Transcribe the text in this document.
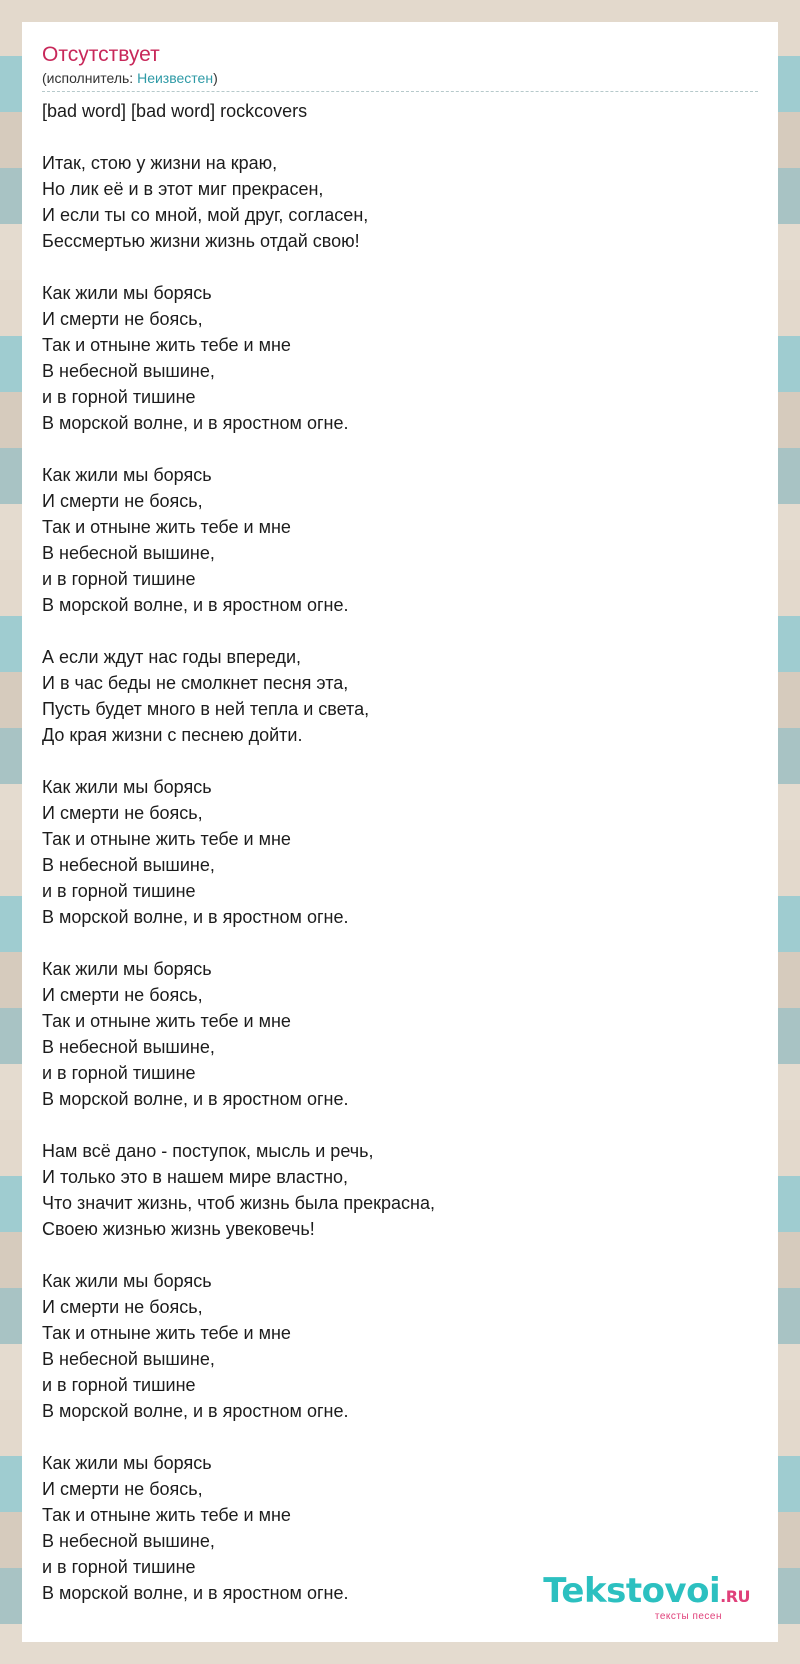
Отсутствует
(исполнитель: Неизвестен)
[bad word] [bad word] rockcovers
Итак, стою у жизни на краю,
Но лик её и в этот миг прекрасен,
И если ты со мной, мой друг, согласен,
Бессмертью жизни жизнь отдай свою!
Как жили мы борясь
И смерти не боясь,
Так и отныне жить тебе и мне
В небесной вышине,
и в горной тишине
В морской волне, и в яростном огне.
Как жили мы борясь
И смерти не боясь,
Так и отныне жить тебе и мне
В небесной вышине,
и в горной тишине
В морской волне, и в яростном огне.
А если ждут нас годы впереди,
И в час беды не смолкнет песня эта,
Пусть будет много в ней тепла и света,
До края жизни с песнею дойти.
Как жили мы борясь
И смерти не боясь,
Так и отныне жить тебе и мне
В небесной вышине,
и в горной тишине
В морской волне, и в яростном огне.
Как жили мы борясь
И смерти не боясь,
Так и отныне жить тебе и мне
В небесной вышине,
и в горной тишине
В морской волне, и в яростном огне.
Нам всё дано - поступок, мысль и речь,
И только это в нашем мире властно,
Что значит жизнь, чтоб жизнь была прекрасна,
Своею жизнью жизнь увековечь!
Как жили мы борясь
И смерти не боясь,
Так и отныне жить тебе и мне
В небесной вышине,
и в горной тишине
В морской волне, и в яростном огне.
Как жили мы борясь
И смерти не боясь,
Так и отныне жить тебе и мне
В небесной вышине,
и в горной тишине
В морской волне, и в яростном огне.	Tekstovoi.RU
тексты песен
